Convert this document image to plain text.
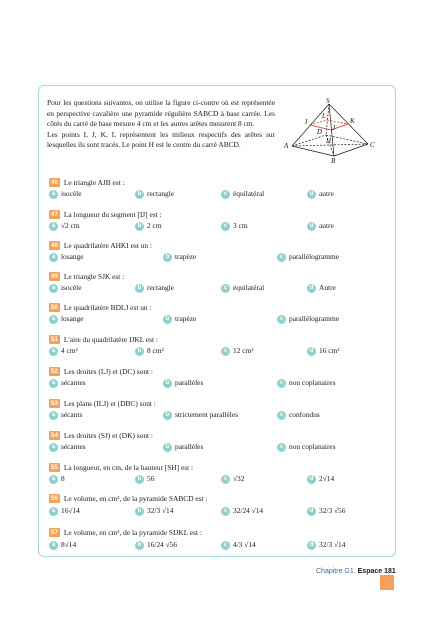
Pour les questions suivantes, on utilise la figure ci-contre où est représentée en perspective cavalière une pyramide régulière SABCD à base carrée. Les côtés du carré de base mesure 4 cm et les autres arêtes mesurent 8 cm.

Les points I, J, K, L représentent les milieux respectifs des arêtes sur lesquelles ils sont tracés. Le point H est le centre du carré ABCD.

S
I
L
K
D J
H
A	C
B
46 Le triangle AJB est :
a isocèle	b rectangle	c équilatéral	d autre
47 La longueur du segment [IJ] est :
a √2 cm	b 2 cm	c 3 cm	d autre
48 Le quadrilatère AHKI est un :
a losange	b trapèze	c parallélogramme
49 Le triangle SJK est :
a isocèle	b rectangle	c équilatéral	d Autre
50 Le quadrilatère BDLJ est un :
a losange	b trapèze	c parallélogramme
51 L'aire du quadrilatère IJKL est :
a 4 cm²	b 8 cm²	c 12 cm²	d 16 cm²
52 Les droites (LJ) et (DC) sont :
a sécantes	b parallèles	c non coplanaires
53 Les plans (ILJ) et (DBC) sont :
a sécants	b strictement parallèles	c confondus
54 Les droites (SJ) et (DK) sont :
a sécantes	b parallèles	c non coplanaires
55 La longueur, en cm, de la hauteur [SH] est :
a 8	b 56	c √32	d 2√14
56 Le volume, en cm³, de la pyramide SABCD est :
a 16√14	b 32/3 √14	c 32/24 √14	d 32/3 √56
57 Le volume, en cm³, de la pyramide SIJKL est :
a 8√14	b 16/24 √56	c 4/3 √14	d 32/3 √14
Chapitre G1. Espace 181
